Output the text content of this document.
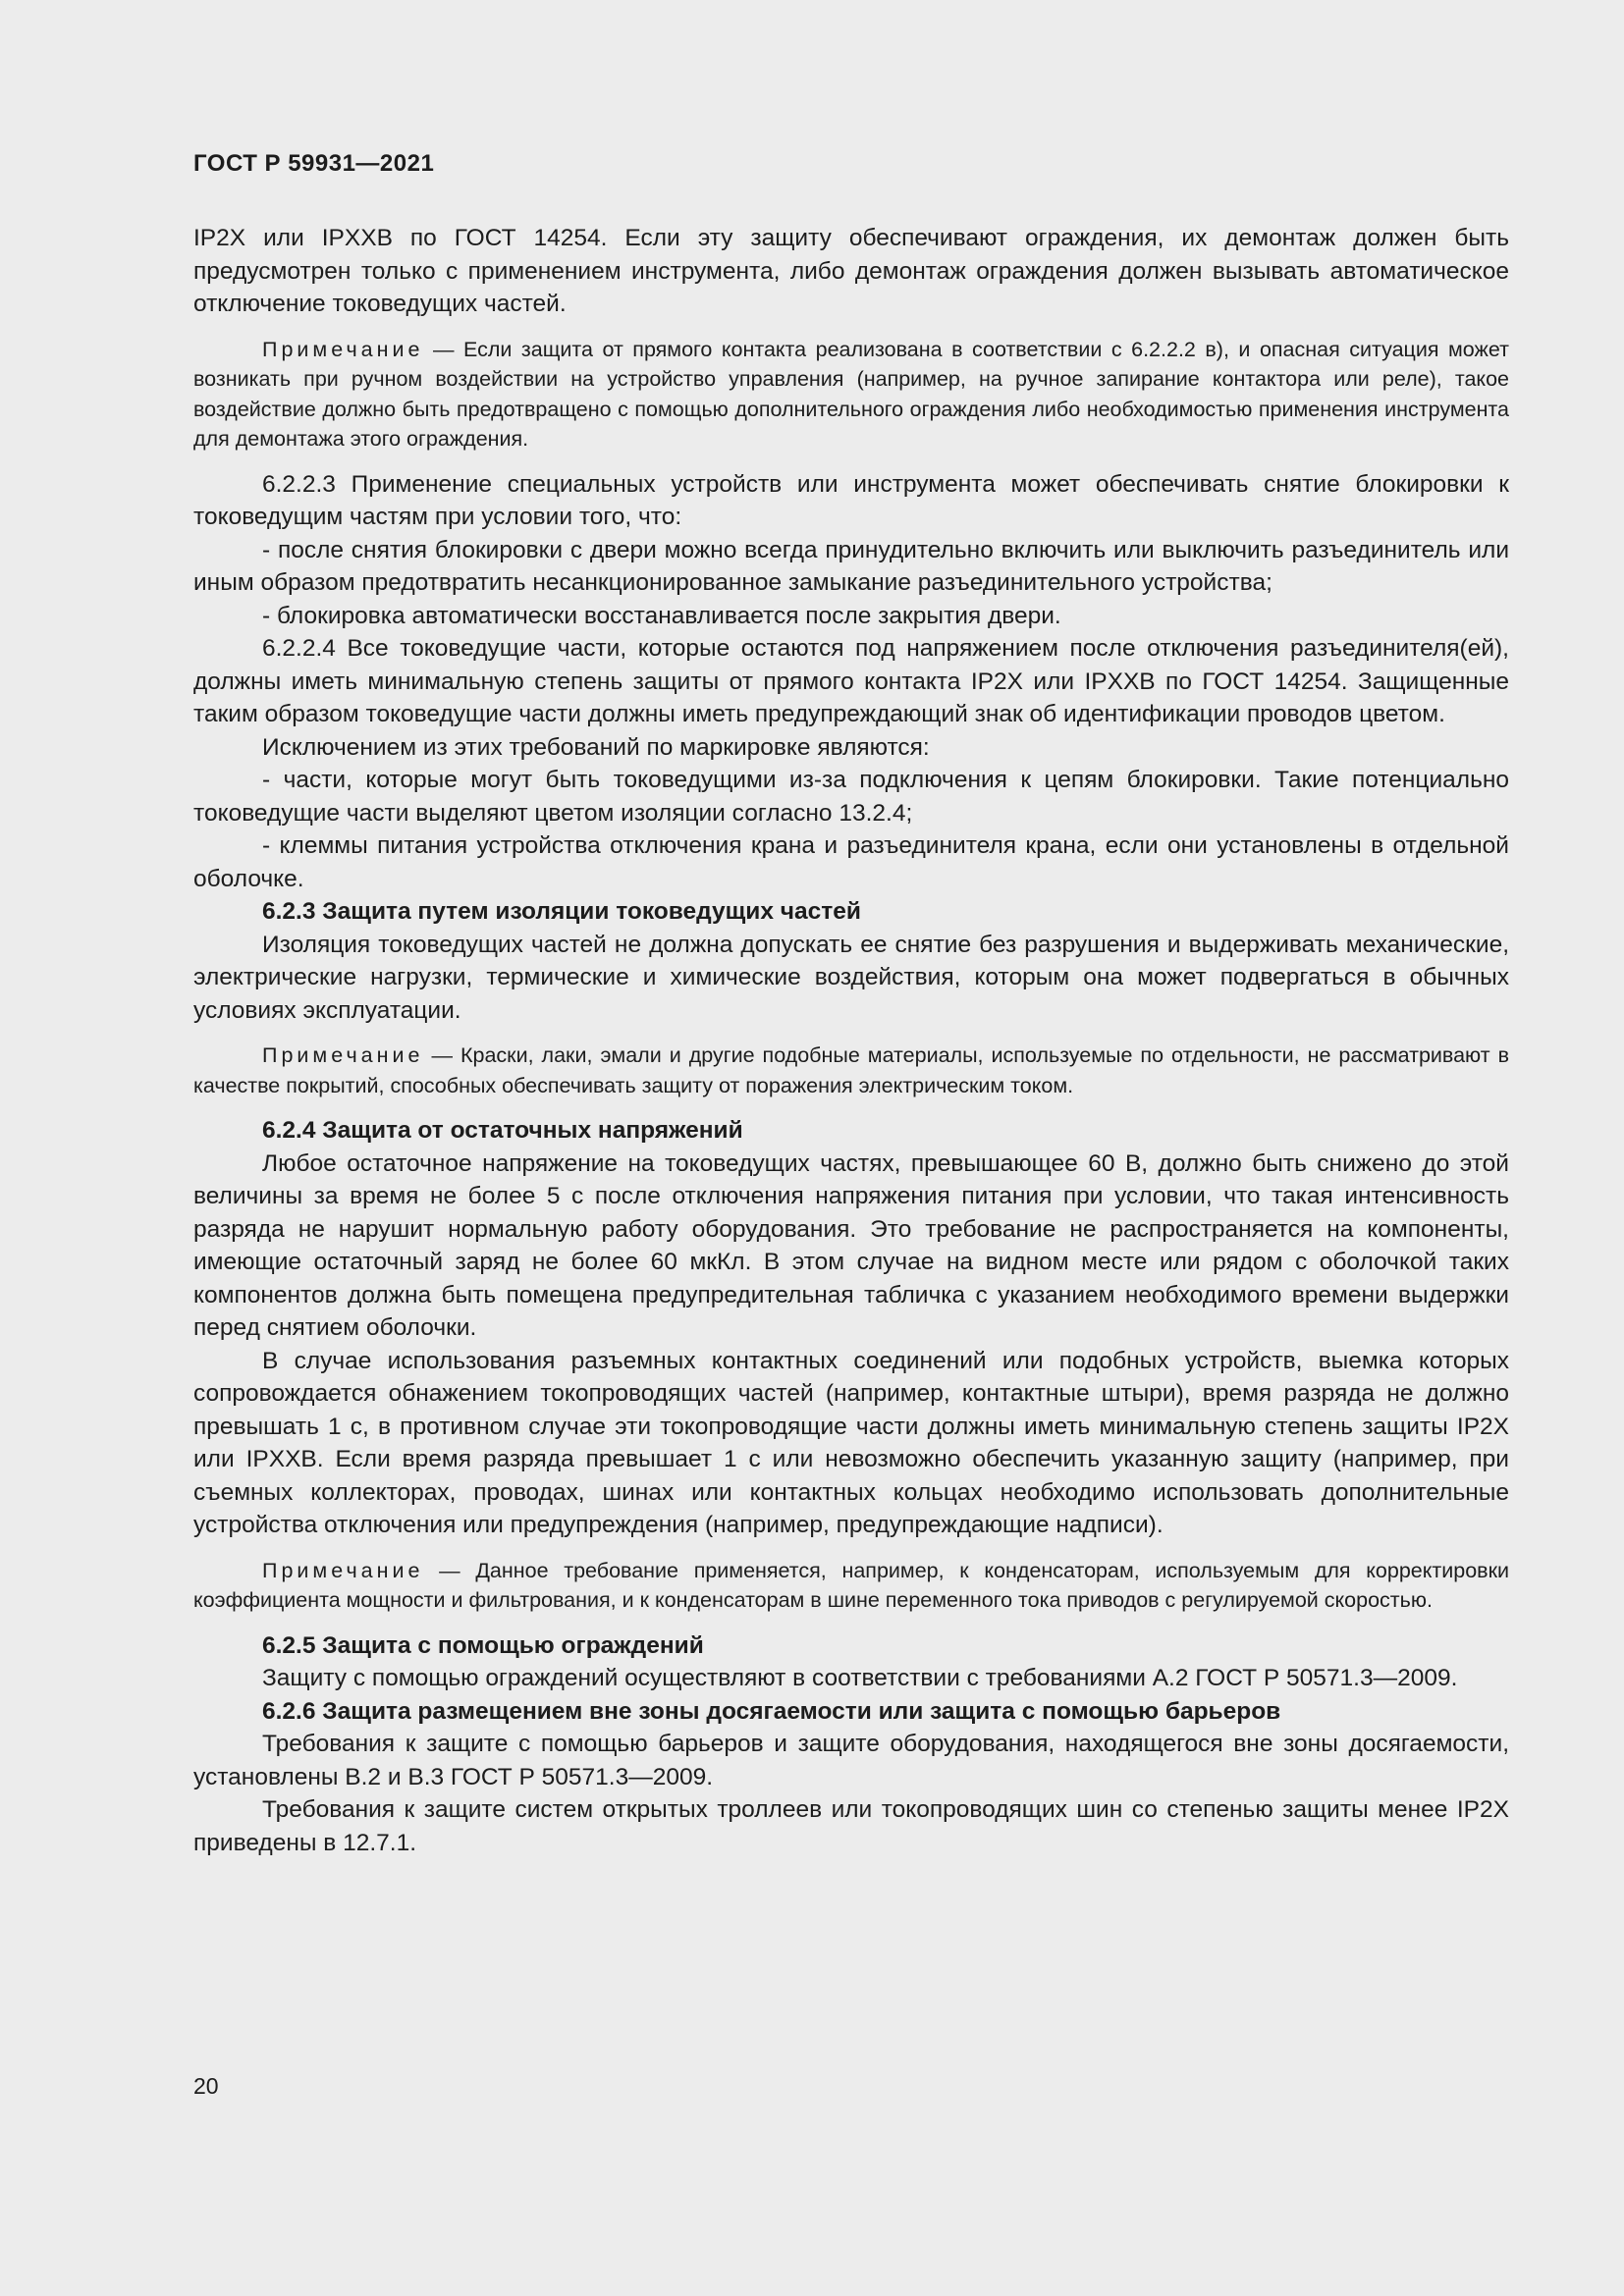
ГОСТ Р 59931—2021

IP2X или IPXXB по ГОСТ 14254. Если эту защиту обеспечивают ограждения, их демонтаж должен быть предусмотрен только с применением инструмента, либо демонтаж ограждения должен вызывать автоматическое отключение токоведущих частей.

Примечание — Если защита от прямого контакта реализована в соответствии с 6.2.2.2 в), и опасная ситуация может возникать при ручном воздействии на устройство управления (например, на ручное запирание контактора или реле), такое воздействие должно быть предотвращено с помощью дополнительного ограждения либо необходимостью применения инструмента для демонтажа этого ограждения.

6.2.2.3 Применение специальных устройств или инструмента может обеспечивать снятие блокировки к токоведущим частям при условии того, что:

- после снятия блокировки с двери можно всегда принудительно включить или выключить разъединитель или иным образом предотвратить несанкционированное замыкание разъединительного устройства;

- блокировка автоматически восстанавливается после закрытия двери.

6.2.2.4 Все токоведущие части, которые остаются под напряжением после отключения разъединителя(ей), должны иметь минимальную степень защиты от прямого контакта IP2X или IPXXB по ГОСТ 14254. Защищенные таким образом токоведущие части должны иметь предупреждающий знак об идентификации проводов цветом.

Исключением из этих требований по маркировке являются:

- части, которые могут быть токоведущими из-за подключения к цепям блокировки. Такие потенциально токоведущие части выделяют цветом изоляции согласно 13.2.4;

- клеммы питания устройства отключения крана и разъединителя крана, если они установлены в отдельной оболочке.

6.2.3 Защита путем изоляции токоведущих частей

Изоляция токоведущих частей не должна допускать ее снятие без разрушения и выдерживать механические, электрические нагрузки, термические и химические воздействия, которым она может подвергаться в обычных условиях эксплуатации.

Примечание — Краски, лаки, эмали и другие подобные материалы, используемые по отдельности, не рассматривают в качестве покрытий, способных обеспечивать защиту от поражения электрическим током.

6.2.4 Защита от остаточных напряжений

Любое остаточное напряжение на токоведущих частях, превышающее 60 В, должно быть снижено до этой величины за время не более 5 с после отключения напряжения питания при условии, что такая интенсивность разряда не нарушит нормальную работу оборудования. Это требование не распространяется на компоненты, имеющие остаточный заряд не более 60 мкКл. В этом случае на видном месте или рядом с оболочкой таких компонентов должна быть помещена предупредительная табличка с указанием необходимого времени выдержки перед снятием оболочки.

В случае использования разъемных контактных соединений или подобных устройств, выемка которых сопровождается обнажением токопроводящих частей (например, контактные штыри), время разряда не должно превышать 1 с, в противном случае эти токопроводящие части должны иметь минимальную степень защиты IP2X или IPXXB. Если время разряда превышает 1 с или невозможно обеспечить указанную защиту (например, при съемных коллекторах, проводах, шинах или контактных кольцах необходимо использовать дополнительные устройства отключения или предупреждения (например, предупреждающие надписи).

Примечание — Данное требование применяется, например, к конденсаторам, используемым для корректировки коэффициента мощности и фильтрования, и к конденсаторам в шине переменного тока приводов с регулируемой скоростью.

6.2.5 Защита с помощью ограждений

Защиту с помощью ограждений осуществляют в соответствии с требованиями А.2 ГОСТ Р 50571.3—2009.

6.2.6 Защита размещением вне зоны досягаемости или защита с помощью барьеров

Требования к защите с помощью барьеров и защите оборудования, находящегося вне зоны досягаемости, установлены В.2 и В.3 ГОСТ Р 50571.3—2009.

Требования к защите систем открытых троллеев или токопроводящих шин со степенью защиты менее IP2X приведены в 12.7.1.

20
